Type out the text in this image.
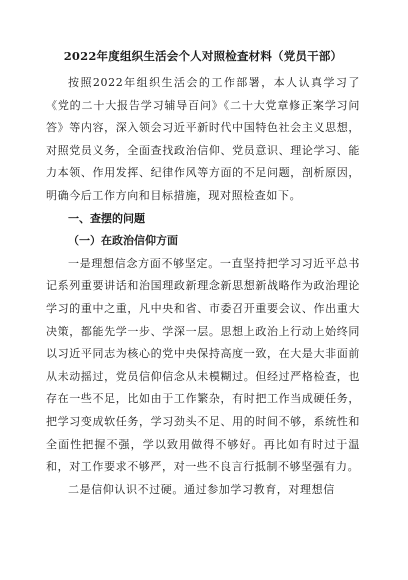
2022年度组织生活会个人对照检查材料（党员干部）

按照2022年组织生活会的工作部署，本人认真学习了《党的二十大报告学习辅导百问》《二十大党章修正案学习问答》等内容，深入领会习近平新时代中国特色社会主义思想，对照党员义务，全面查找政治信仰、党员意识、理论学习、能力本领、作用发挥、纪律作风等方面的不足问题，剖析原因，明确今后工作方向和目标措施，现对照检查如下。

一、查摆的问题

（一）在政治信仰方面

一是理想信念方面不够坚定。一直坚持把学习习近平总书记系列重要讲话和治国理政新理念新思想新战略作为政治理论学习的重中之重，凡中央和省、市委召开重要会议、作出重大决策，都能先学一步、学深一层。思想上政治上行动上始终同以习近平同志为核心的党中央保持高度一致，在大是大非面前从未动摇过，党员信仰信念从未模糊过。但经过严格检查，也存在一些不足，比如由于工作繁杂，有时把工作当成硬任务，把学习变成软任务，学习劲头不足、用的时间不够，系统性和全面性把握不强，学以致用做得不够好。再比如有时过于温和，对工作要求不够严，对一些不良言行抵制不够坚强有力。

二是信仰认识不过硬。通过参加学习教育，对理想信
